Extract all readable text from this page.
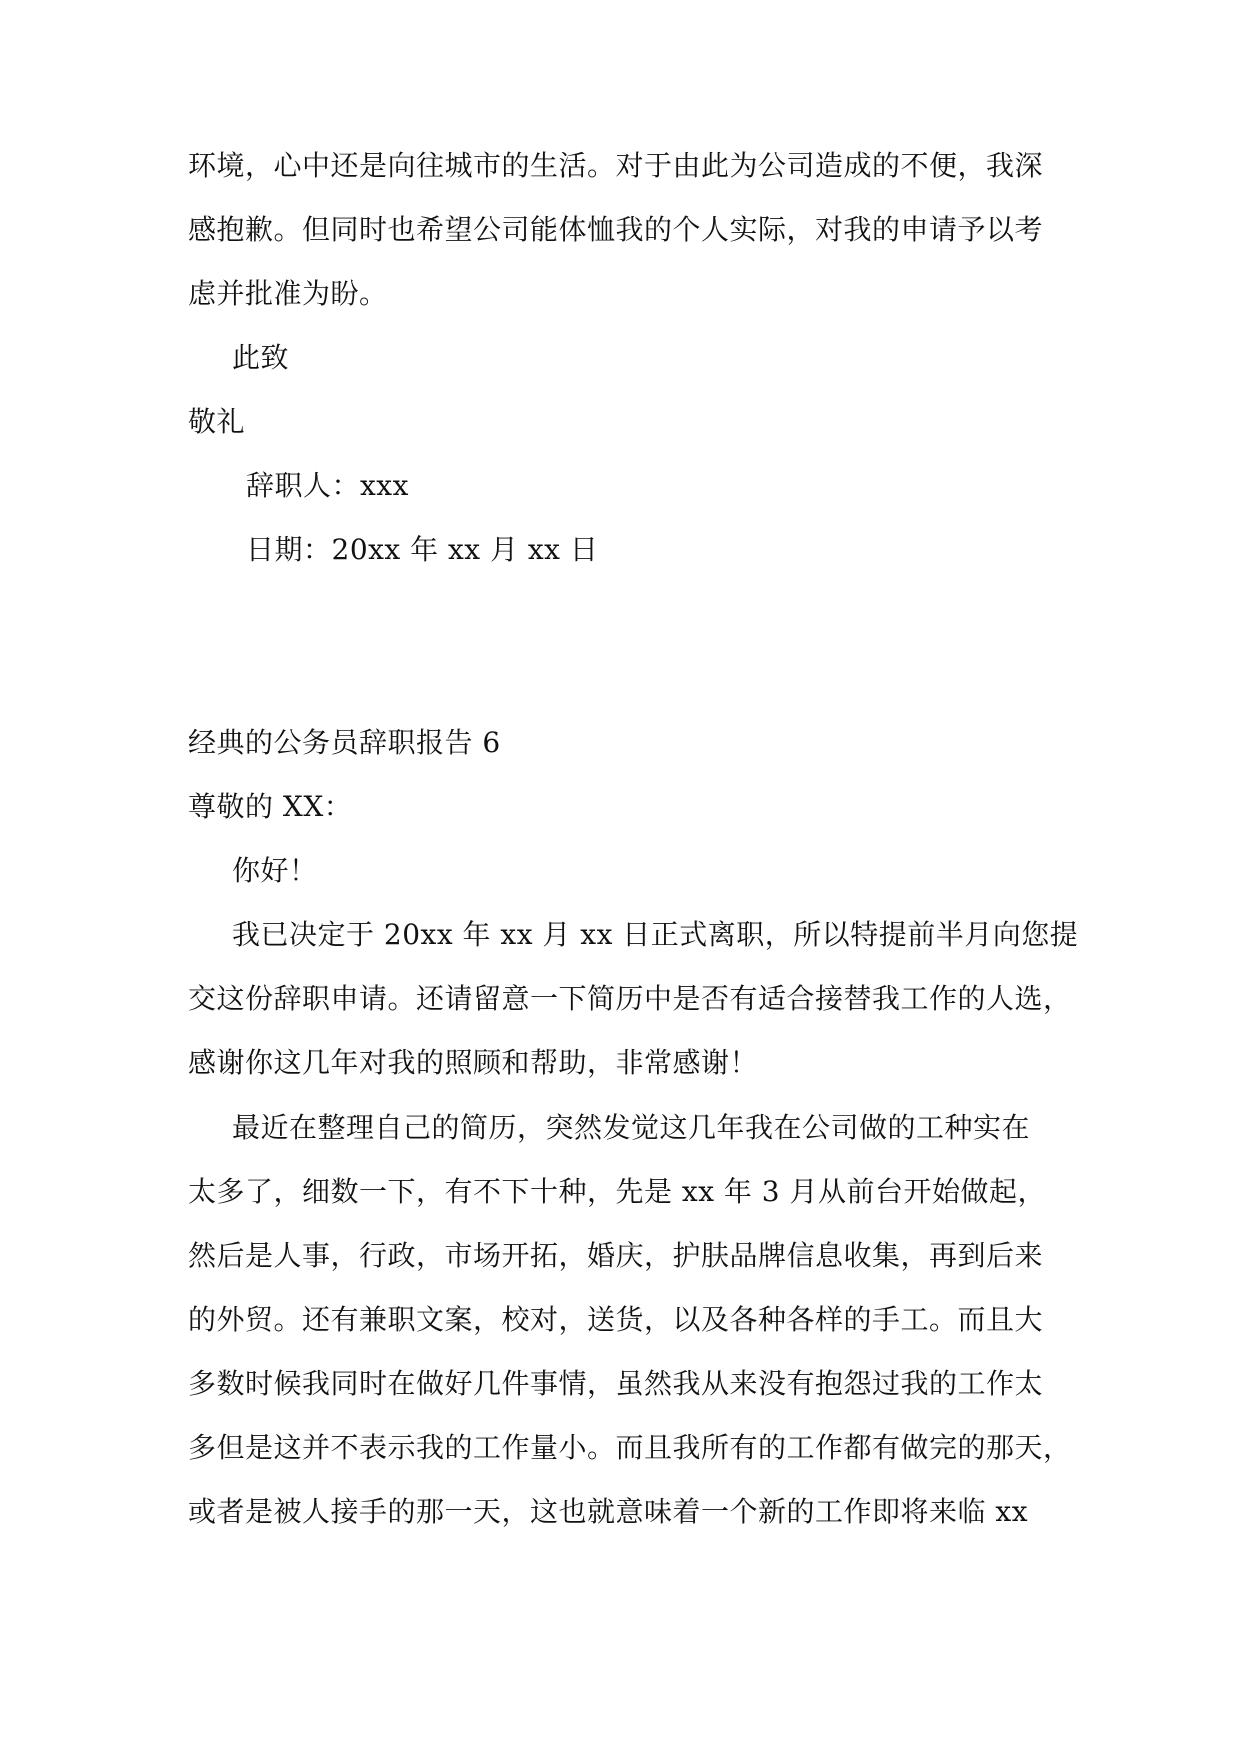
环境，心中还是向往城市的生活。对于由此为公司造成的不便，我深
感抱歉。但同时也希望公司能体恤我的个人实际，对我的申请予以考
虑并批准为盼。
此致
敬礼
辞职人：xxx
日期：20xx 年 xx 月 xx 日
经典的公务员辞职报告 6
尊敬的 XX：
你好！
我已决定于 20xx 年 xx 月 xx 日正式离职，所以特提前半月向您提
交这份辞职申请。还请留意一下简历中是否有适合接替我工作的人选，
感谢你这几年对我的照顾和帮助，非常感谢！
最近在整理自己的简历，突然发觉这几年我在公司做的工种实在
太多了，细数一下，有不下十种，先是 xx 年 3 月从前台开始做起，
然后是人事，行政，市场开拓，婚庆，护肤品牌信息收集，再到后来
的外贸。还有兼职文案，校对，送货，以及各种各样的手工。而且大
多数时候我同时在做好几件事情，虽然我从来没有抱怨过我的工作太
多但是这并不表示我的工作量小。而且我所有的工作都有做完的那天，
或者是被人接手的那一天，这也就意味着一个新的工作即将来临 xx
